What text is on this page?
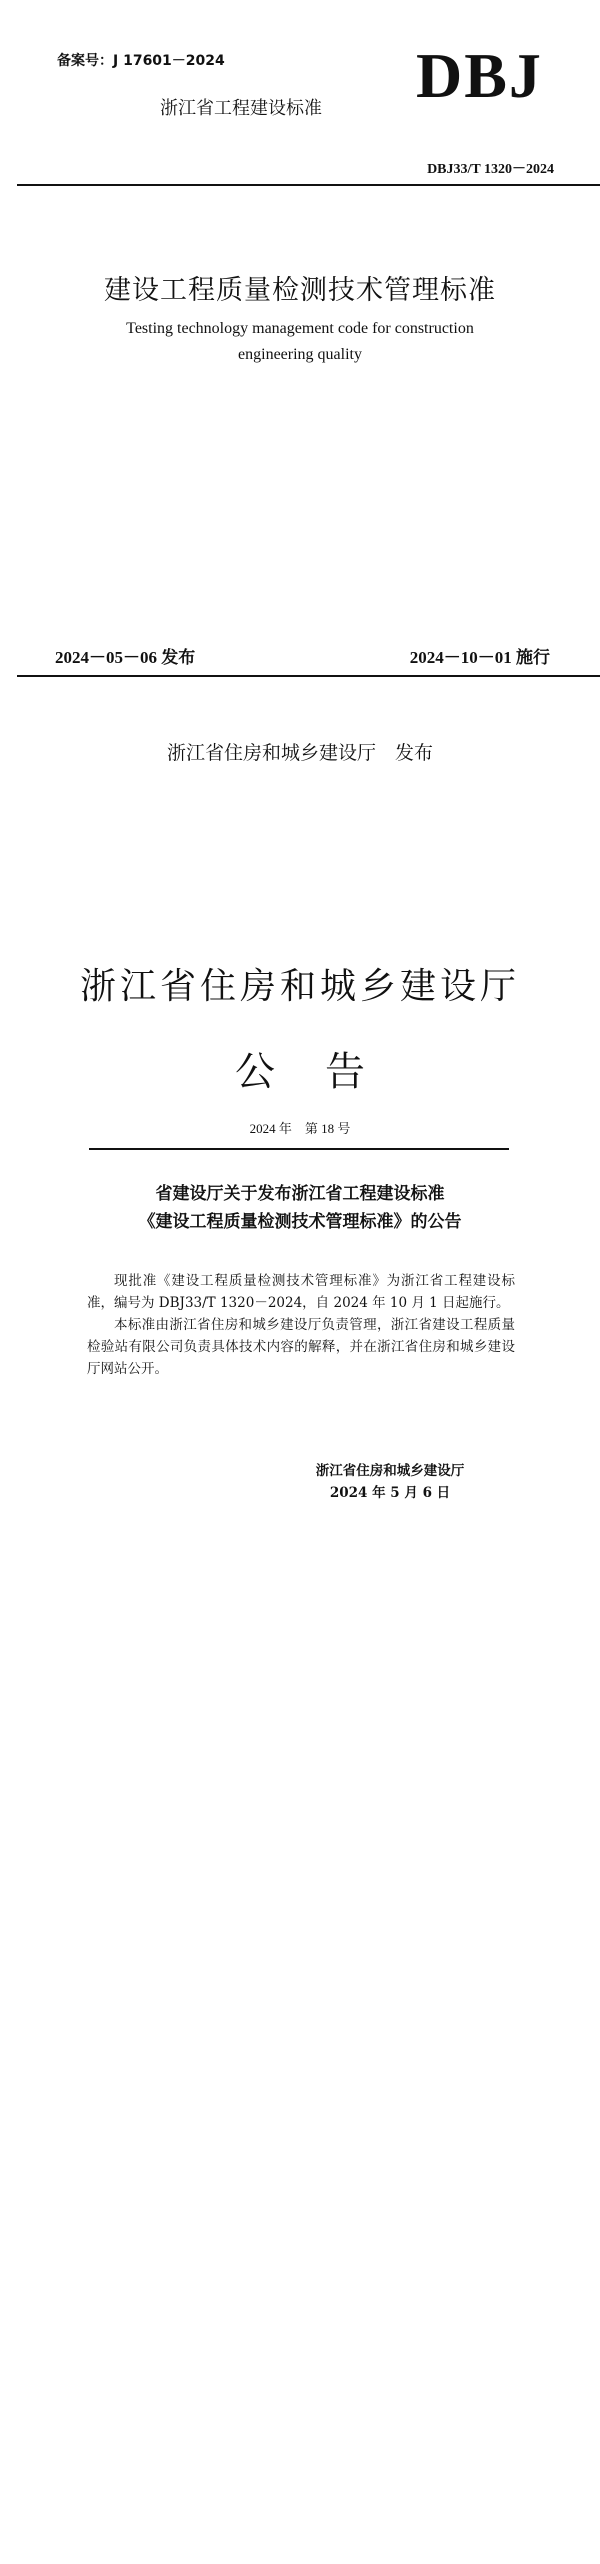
备案号：J 17601－2024
浙江省工程建设标准 DBJ
DBJ33/T 1320－2024
建设工程质量检测技术管理标准
Testing technology management code for construction
engineering quality
2024－05－06 发布	2024－10－01 施行
浙江省住房和城乡建设厅　发布
浙江省住房和城乡建设厅
公告
2024 年　第 18 号
省建设厅关于发布浙江省工程建设标准
《建设工程质量检测技术管理标准》的公告

现批准《建设工程质量检测技术管理标准》为浙江省工程建设标准，编号为 DBJ33/T 1320－2024，自 2024 年 10 月 1 日起施行。

本标准由浙江省住房和城乡建设厅负责管理，浙江省建设工程质量检验站有限公司负责具体技术内容的解释，并在浙江省住房和城乡建设厅网站公开。

浙江省住房和城乡建设厅
2024 年 5 月 6 日
